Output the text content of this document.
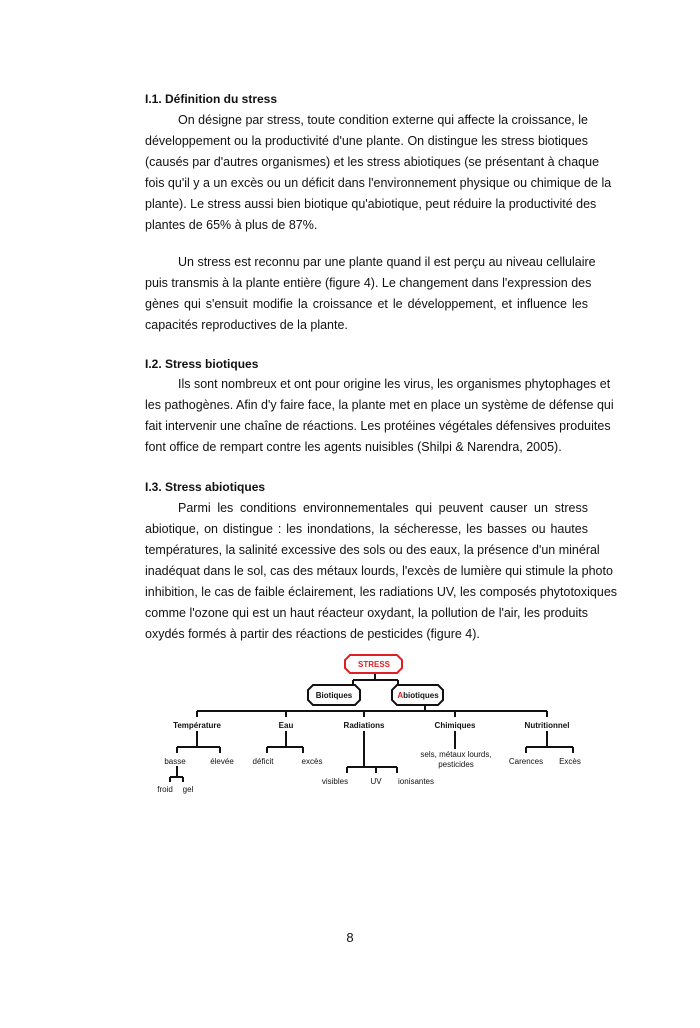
I.1. Définition du stress
On désigne par stress, toute condition externe qui affecte la croissance, le
développement ou la productivité d'une plante. On distingue les stress biotiques
(causés par d'autres organismes) et les stress abiotiques (se présentant à chaque
fois qu'il y a un excès ou un déficit dans l'environnement physique ou chimique de la
plante). Le stress aussi bien biotique qu'abiotique, peut réduire la productivité des
plantes de 65% à plus de 87%.
Un stress est reconnu par une plante quand il est perçu au niveau cellulaire
puis transmis à la plante entière (figure 4). Le changement dans l'expression des
gènes qui s'ensuit modifie la croissance et le développement, et influence les
capacités reproductives de la plante.
I.2. Stress biotiques
Ils sont nombreux et ont pour origine les virus, les organismes phytophages et
les pathogènes. Afin d'y faire face, la plante met en place un système de défense qui
fait intervenir une chaîne de réactions. Les protéines végétales défensives produites
font office de rempart contre les agents nuisibles (Shilpi & Narendra, 2005).
I.3. Stress abiotiques
Parmi les conditions environnementales qui peuvent causer un stress
abiotique, on distingue : les inondations, la sécheresse, les basses ou hautes
températures, la salinité excessive des sols ou des eaux, la présence d'un minéral
inadéquat dans le sol, cas des métaux lourds, l'excès de lumière qui stimule la photo
inhibition, le cas de faible éclairement, les radiations UV, les composés phytotoxiques
comme l'ozone qui est un haut réacteur oxydant, la pollution de l'air, les produits
oxydés formés à partir des réactions de pesticides (figure 4).
STRESS
Biotiques	Abiotiques
Température	Eau	Radiations	Chimiques	Nutritionnel
basse	élevée
froid gel
déficit	excès
visibles	UV ionisantes
sels, métaux lourds,
pesticides	Carences Excès
8
